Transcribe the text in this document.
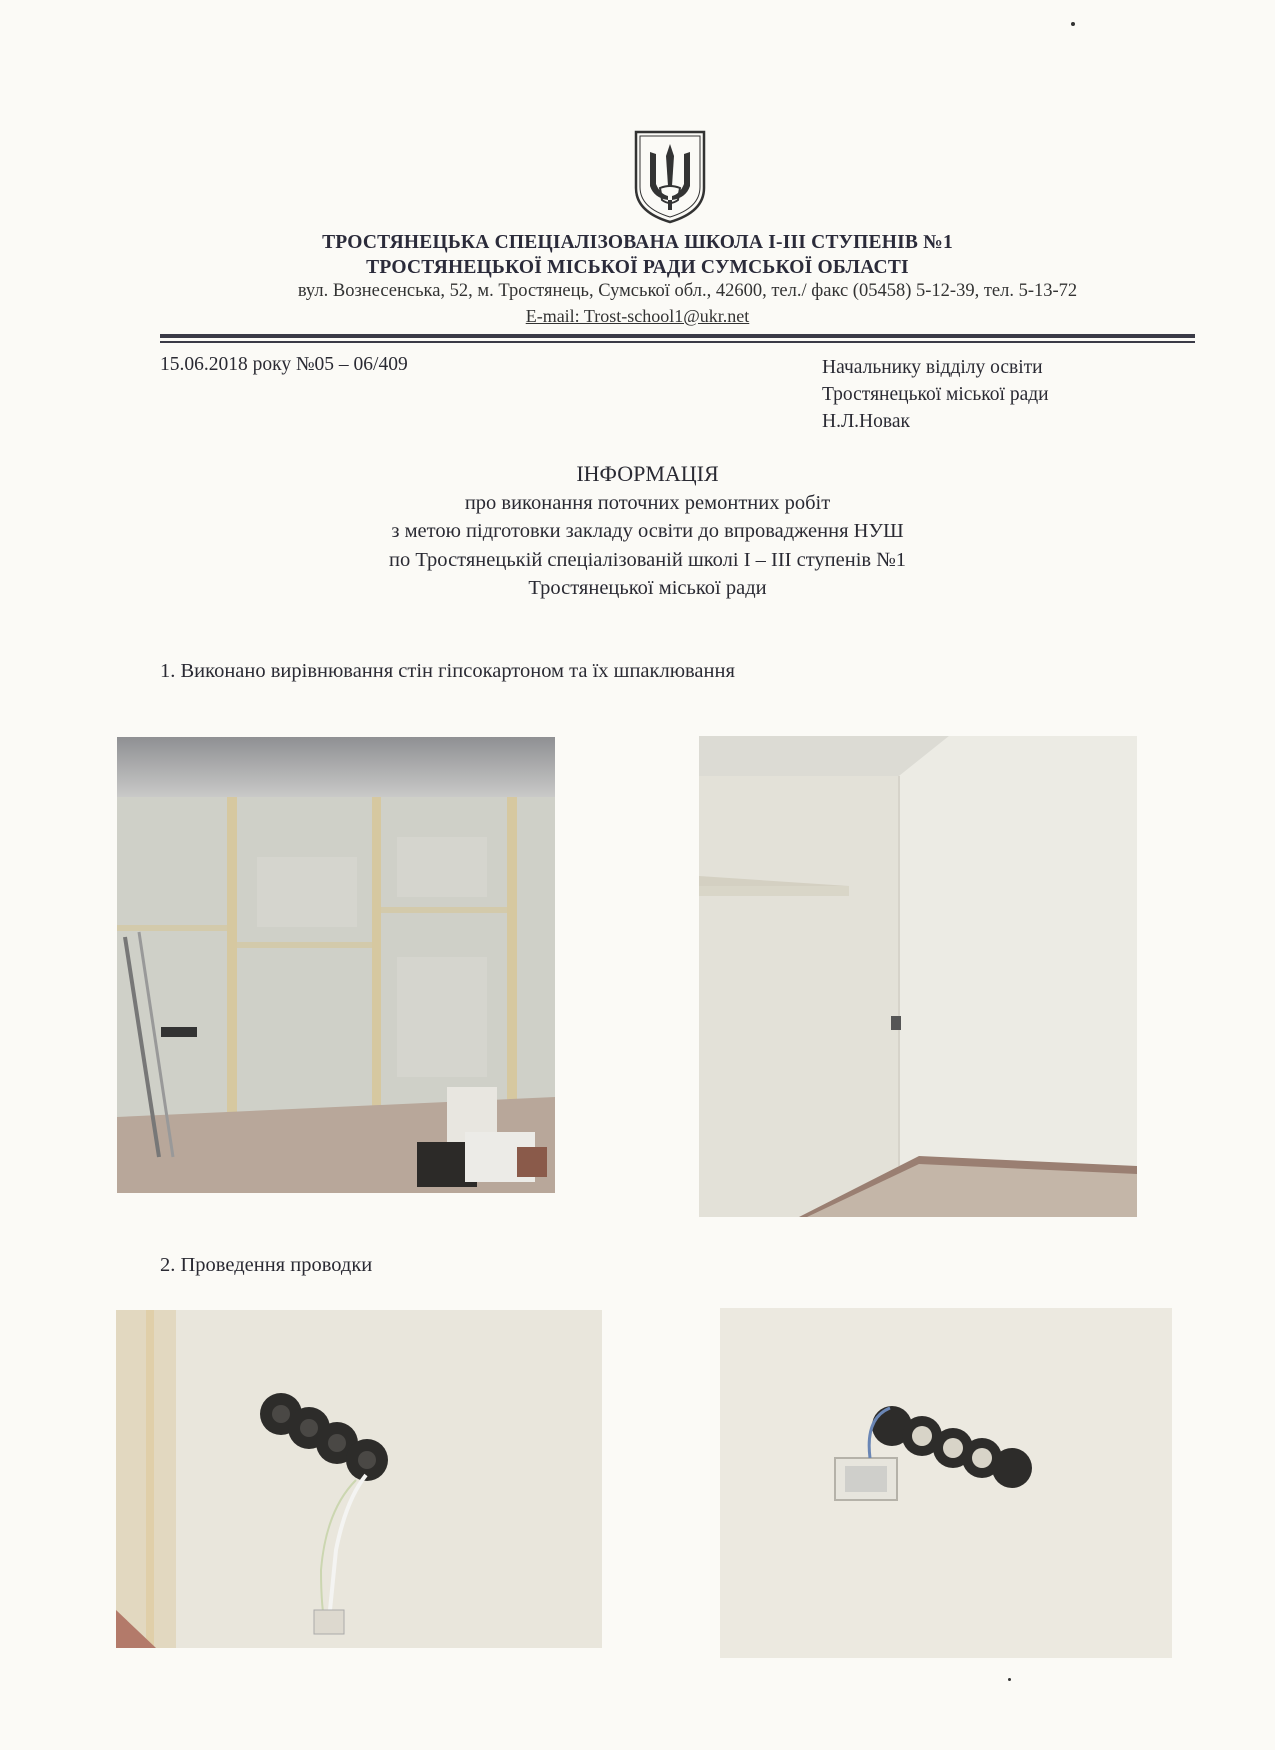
ТРОСТЯНЕЦЬКА СПЕЦІАЛІЗОВАНА ШКОЛА І-ІІІ СТУПЕНІВ №1
ТРОСТЯНЕЦЬКОЇ МІСЬКОЇ РАДИ СУМСЬКОЇ ОБЛАСТІ
вул. Вознесенська, 52, м. Тростянець, Сумської обл., 42600, тел./ факс (05458) 5-12-39, тел. 5-13-72
E-mail: Trost-school1@ukr.net
15.06.2018 року №05 – 06/409	Начальнику відділу освіти
Тростянецької міської ради
Н.Л.Новак
ІНФОРМАЦІЯ
про виконання поточних ремонтних робіт
з метою підготовки закладу освіти до впровадження НУШ
по Тростянецькій спеціалізованій школі І – ІІІ ступенів №1
Тростянецької міської ради
1. Виконано вирівнювання стін гіпсокартоном та їх шпаклювання
2. Проведення проводки
